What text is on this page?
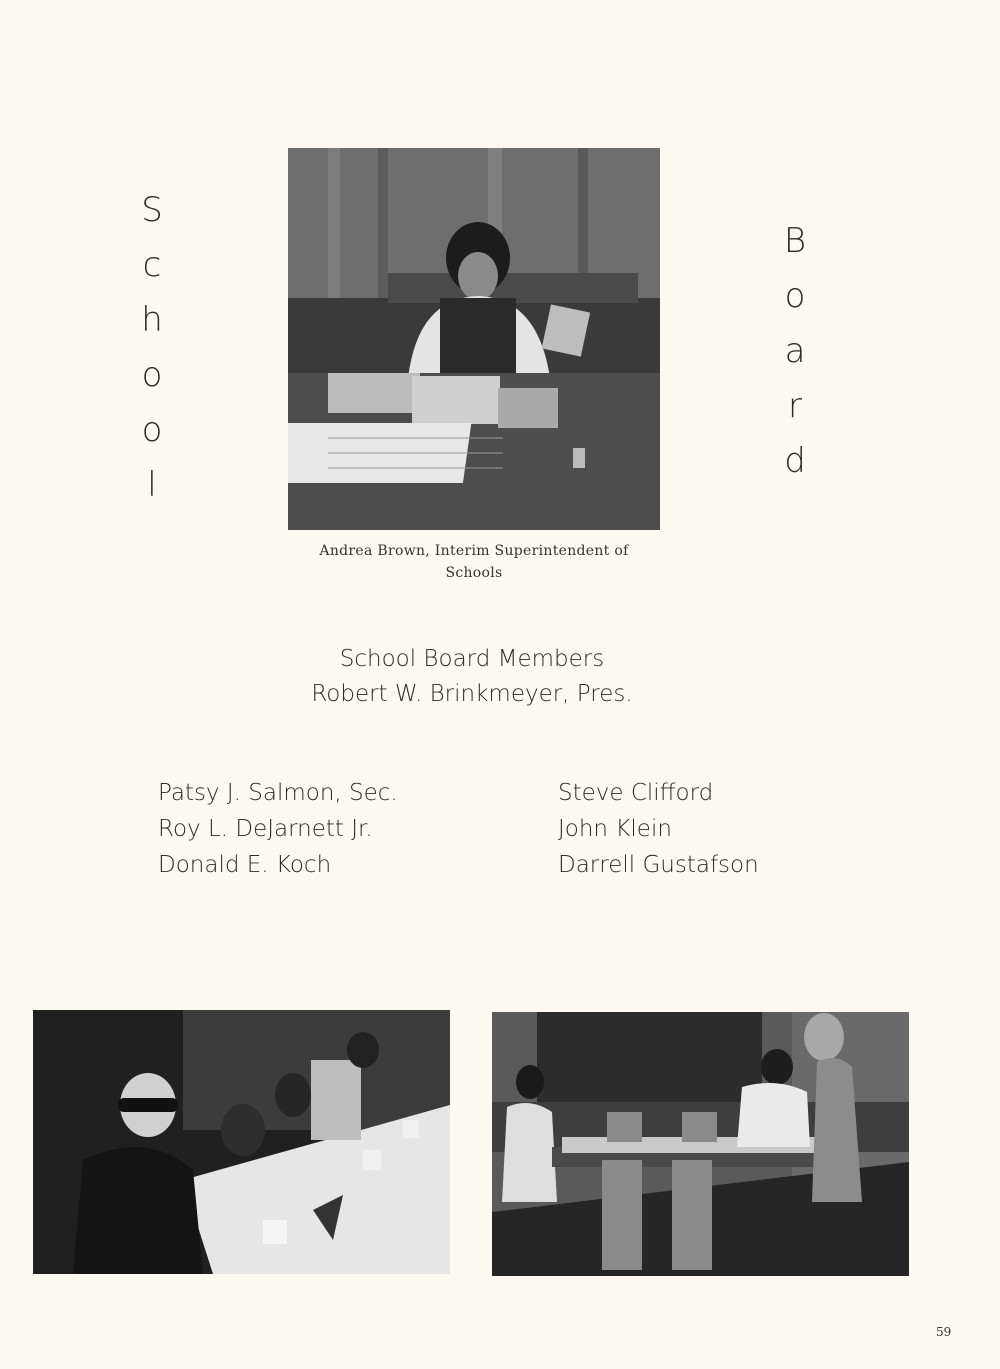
S
c
h
o
o
l
B
o
a
r
d
Andrea Brown, Interim Superintendent of
Schools
School Board Members
Robert W. Brinkmeyer, Pres.
Patsy J. Salmon, Sec.
Roy L. DeJarnett Jr.
Donald E. Koch
Steve Clifford
John Klein
Darrell Gustafson
59
